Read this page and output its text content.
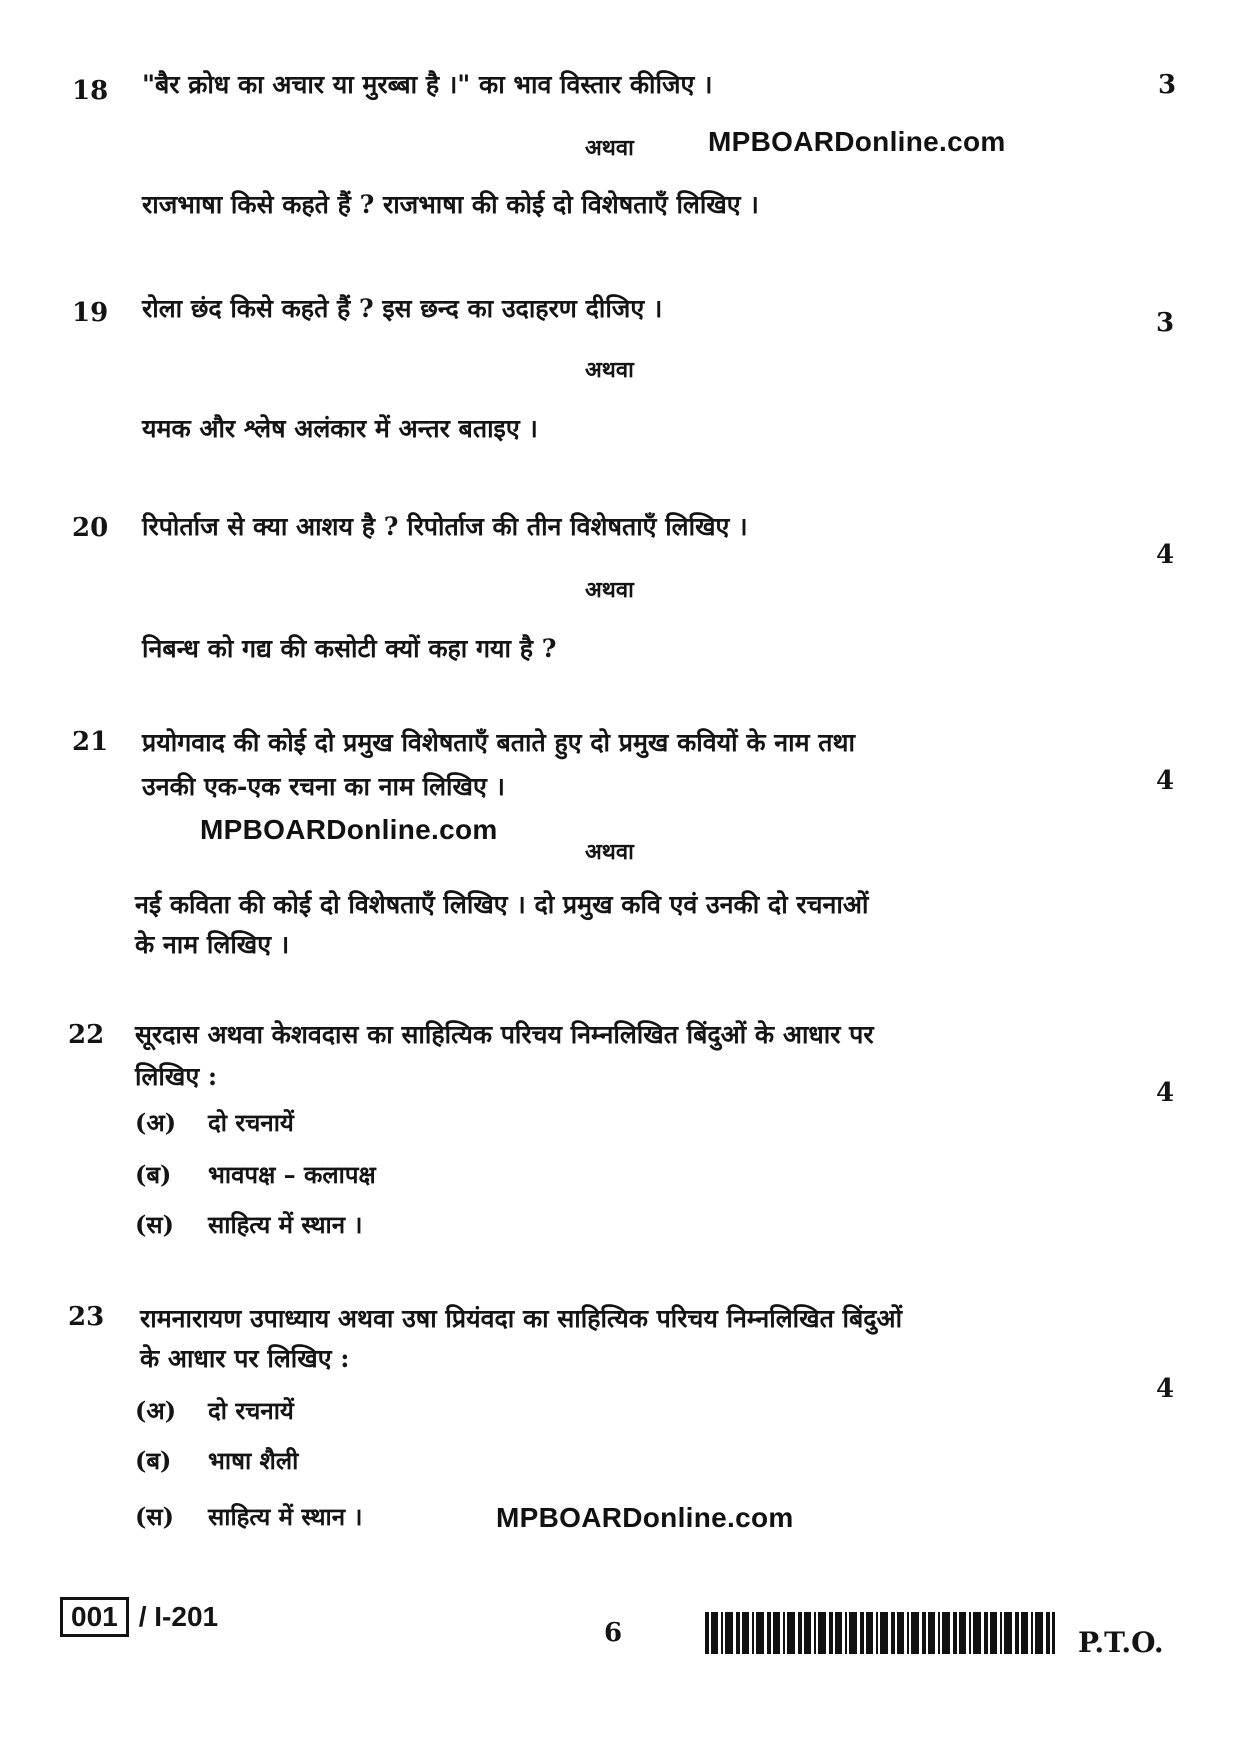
18 "बैर क्रोध का अचार या मुरब्बा है ।" का भाव विस्तार कीजिए ।	3
अथवा	MPBOARDonline.com
राजभाषा किसे कहते हैं ? राजभाषा की कोई दो विशेषताएँ लिखिए ।
19 रोला छंद किसे कहते हैं ? इस छन्द का उदाहरण दीजिए ।	3
अथवा
यमक और श्लेष अलंकार में अन्तर बताइए ।
20 रिपोर्ताज से क्या आशय है ? रिपोर्ताज की तीन विशेषताएँ लिखिए ।
4
अथवा
निबन्ध को गद्य की कसोटी क्यों कहा गया है ?
21 प्रयोगवाद की कोई दो प्रमुख विशेषताएँ बताते हुए दो प्रमुख कवियों के नाम तथा
उनकी एक-एक रचना का नाम लिखिए ।	4
MPBOARDonline.com
अथवा
नई कविता की कोई दो विशेषताएँ लिखिए । दो प्रमुख कवि एवं उनकी दो रचनाओं
के नाम लिखिए ।
22 सूरदास अथवा केशवदास का साहित्यिक परिचय निम्नलिखित बिंदुओं के आधार पर
लिखिए :
4
(अ) दो रचनायें
(ब) भावपक्ष – कलापक्ष
(स) साहित्य में स्थान ।
23 रामनारायण उपाध्याय अथवा उषा प्रियंवदा का साहित्यिक परिचय निम्नलिखित बिंदुओं
के आधार पर लिखिए :
4
(अ) दो रचनायें
(ब) भाषा शैली
(स) साहित्य में स्थान ।	MPBOARDonline.com
001 / I-201
6	P.T.O.
